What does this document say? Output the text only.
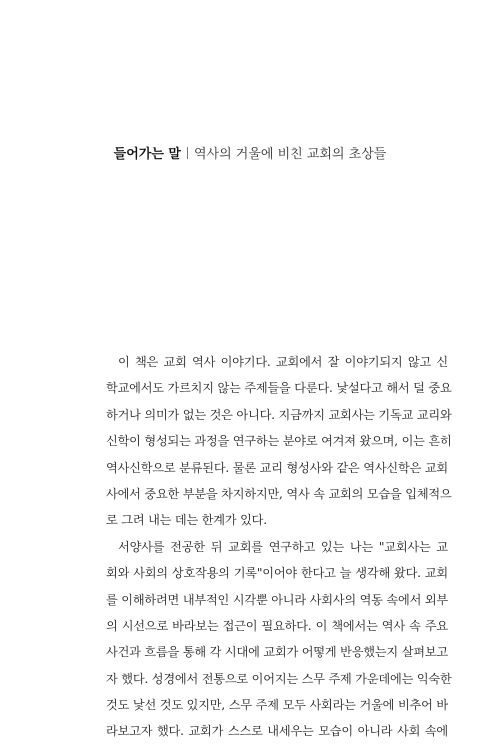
들어가는 말 역사의 거울에 비친 교회의 초상들
이 책은 교회 역사 이야기다. 교회에서 잘 이야기되지 않고 신
학교에서도 가르치지 않는 주제들을 다룬다. 낯설다고 해서 덜 중요
하거나 의미가 없는 것은 아니다. 지금까지 교회사는 기독교 교리와
신학이 형성되는 과정을 연구하는 분야로 여겨져 왔으며, 이는 흔히
역사신학으로 분류된다. 물론 교리 형성사와 같은 역사신학은 교회
사에서 중요한 부분을 차지하지만, 역사 속 교회의 모습을 입체적으
로 그려 내는 데는 한계가 있다.
서양사를 전공한 뒤 교회를 연구하고 있는 나는 "교회사는 교
회와 사회의 상호작용의 기록"이어야 한다고 늘 생각해 왔다. 교회
를 이해하려면 내부적인 시각뿐 아니라 사회사의 역동 속에서 외부
의 시선으로 바라보는 접근이 필요하다. 이 책에서는 역사 속 주요
사건과 흐름을 통해 각 시대에 교회가 어떻게 반응했는지 살펴보고
자 했다. 성경에서 전통으로 이어지는 스무 주제 가운데에는 익숙한
것도 낯선 것도 있지만, 스무 주제 모두 사회라는 거울에 비추어 바
라보고자 했다. 교회가 스스로 내세우는 모습이 아니라 사회 속에
